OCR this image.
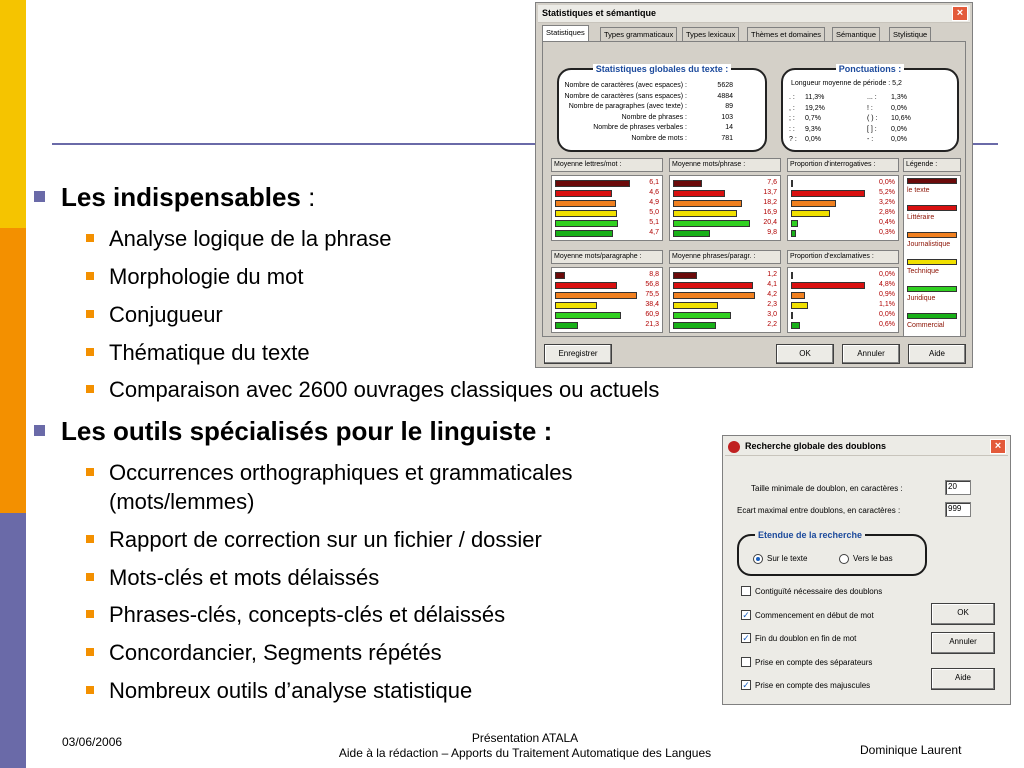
Les indispensables :
Analyse logique de la phrase
Morphologie du mot
Conjugueur
Thématique du texte
Comparaison avec 2600 ouvrages classiques ou actuels
Les outils spécialisés pour le linguiste :
Occurrences orthographiques et grammaticales
(mots/lemmes)
Rapport de correction sur un fichier / dossier
Mots-clés et mots délaissés
Phrases-clés, concepts-clés et délaissés
Concordancier, Segments répétés
Nombreux outils d’analyse statistique
03/06/2006	Présentation ATALA
Aide à la rédaction – Apports du Traitement Automatique des Langues	Dominique Laurent
Statistiques et sémantique	×
Statistiques	Types grammaticaux	Types lexicaux	Thèmes et domaines	Sémantique	Stylistique
Statistiques globales du texte :
Nombre de caractères (avec espaces) :	5628
Nombre de caractères (sans espaces) :	4884
Nombre de paragraphes (avec texte) :	89
Nombre de phrases :	103
Nombre de phrases verbales :	14
Nombre de mots :	781
Ponctuations :
Longueur moyenne de période : 5,2
. : 11,3%	... : 1,3%
, : 19,2%	! :	0,0%
; : 0,7%	( ) : 10,6%
: : 9,3%	[ ] : 0,0%
? : 0,0%	- :	0,0%
Moyenne lettres/mot :
6,1
4,6
4,9
5,0
5,1
4,7
Moyenne mots/phrase :
7,6
13,7
18,2
16,9
20,4
9,8
Proportion d'interrogatives :
0,0%
5,2%
3,2%
2,8%
0,4%
0,3%
Moyenne mots/paragraphe :
8,8
56,8
75,5
38,4
60,9
21,3
Moyenne phrases/paragr. :
1,2
4,1
4,2
2,3
3,0
2,2
Proportion d'exclamatives :
0,0%
4,8%
0,9%
1,1%
0,0%
0,6%
Légende :
le texte
Littéraire
Journalistique
Technique
Juridique
Commercial
Enregistrer	OK	Annuler	Aide
Recherche globale des doublons	×
Taille minimale de doublon, en caractères :	20
Ecart maximal entre doublons, en caractères :	999
Etendue de la recherche
Sur le texte	Vers le bas
Contiguïté nécessaire des doublons
✓ Commencement en début de mot
✓ Fin du doublon en fin de mot
Prise en compte des séparateurs
✓ Prise en compte des majuscules
OK
Annuler
Aide
